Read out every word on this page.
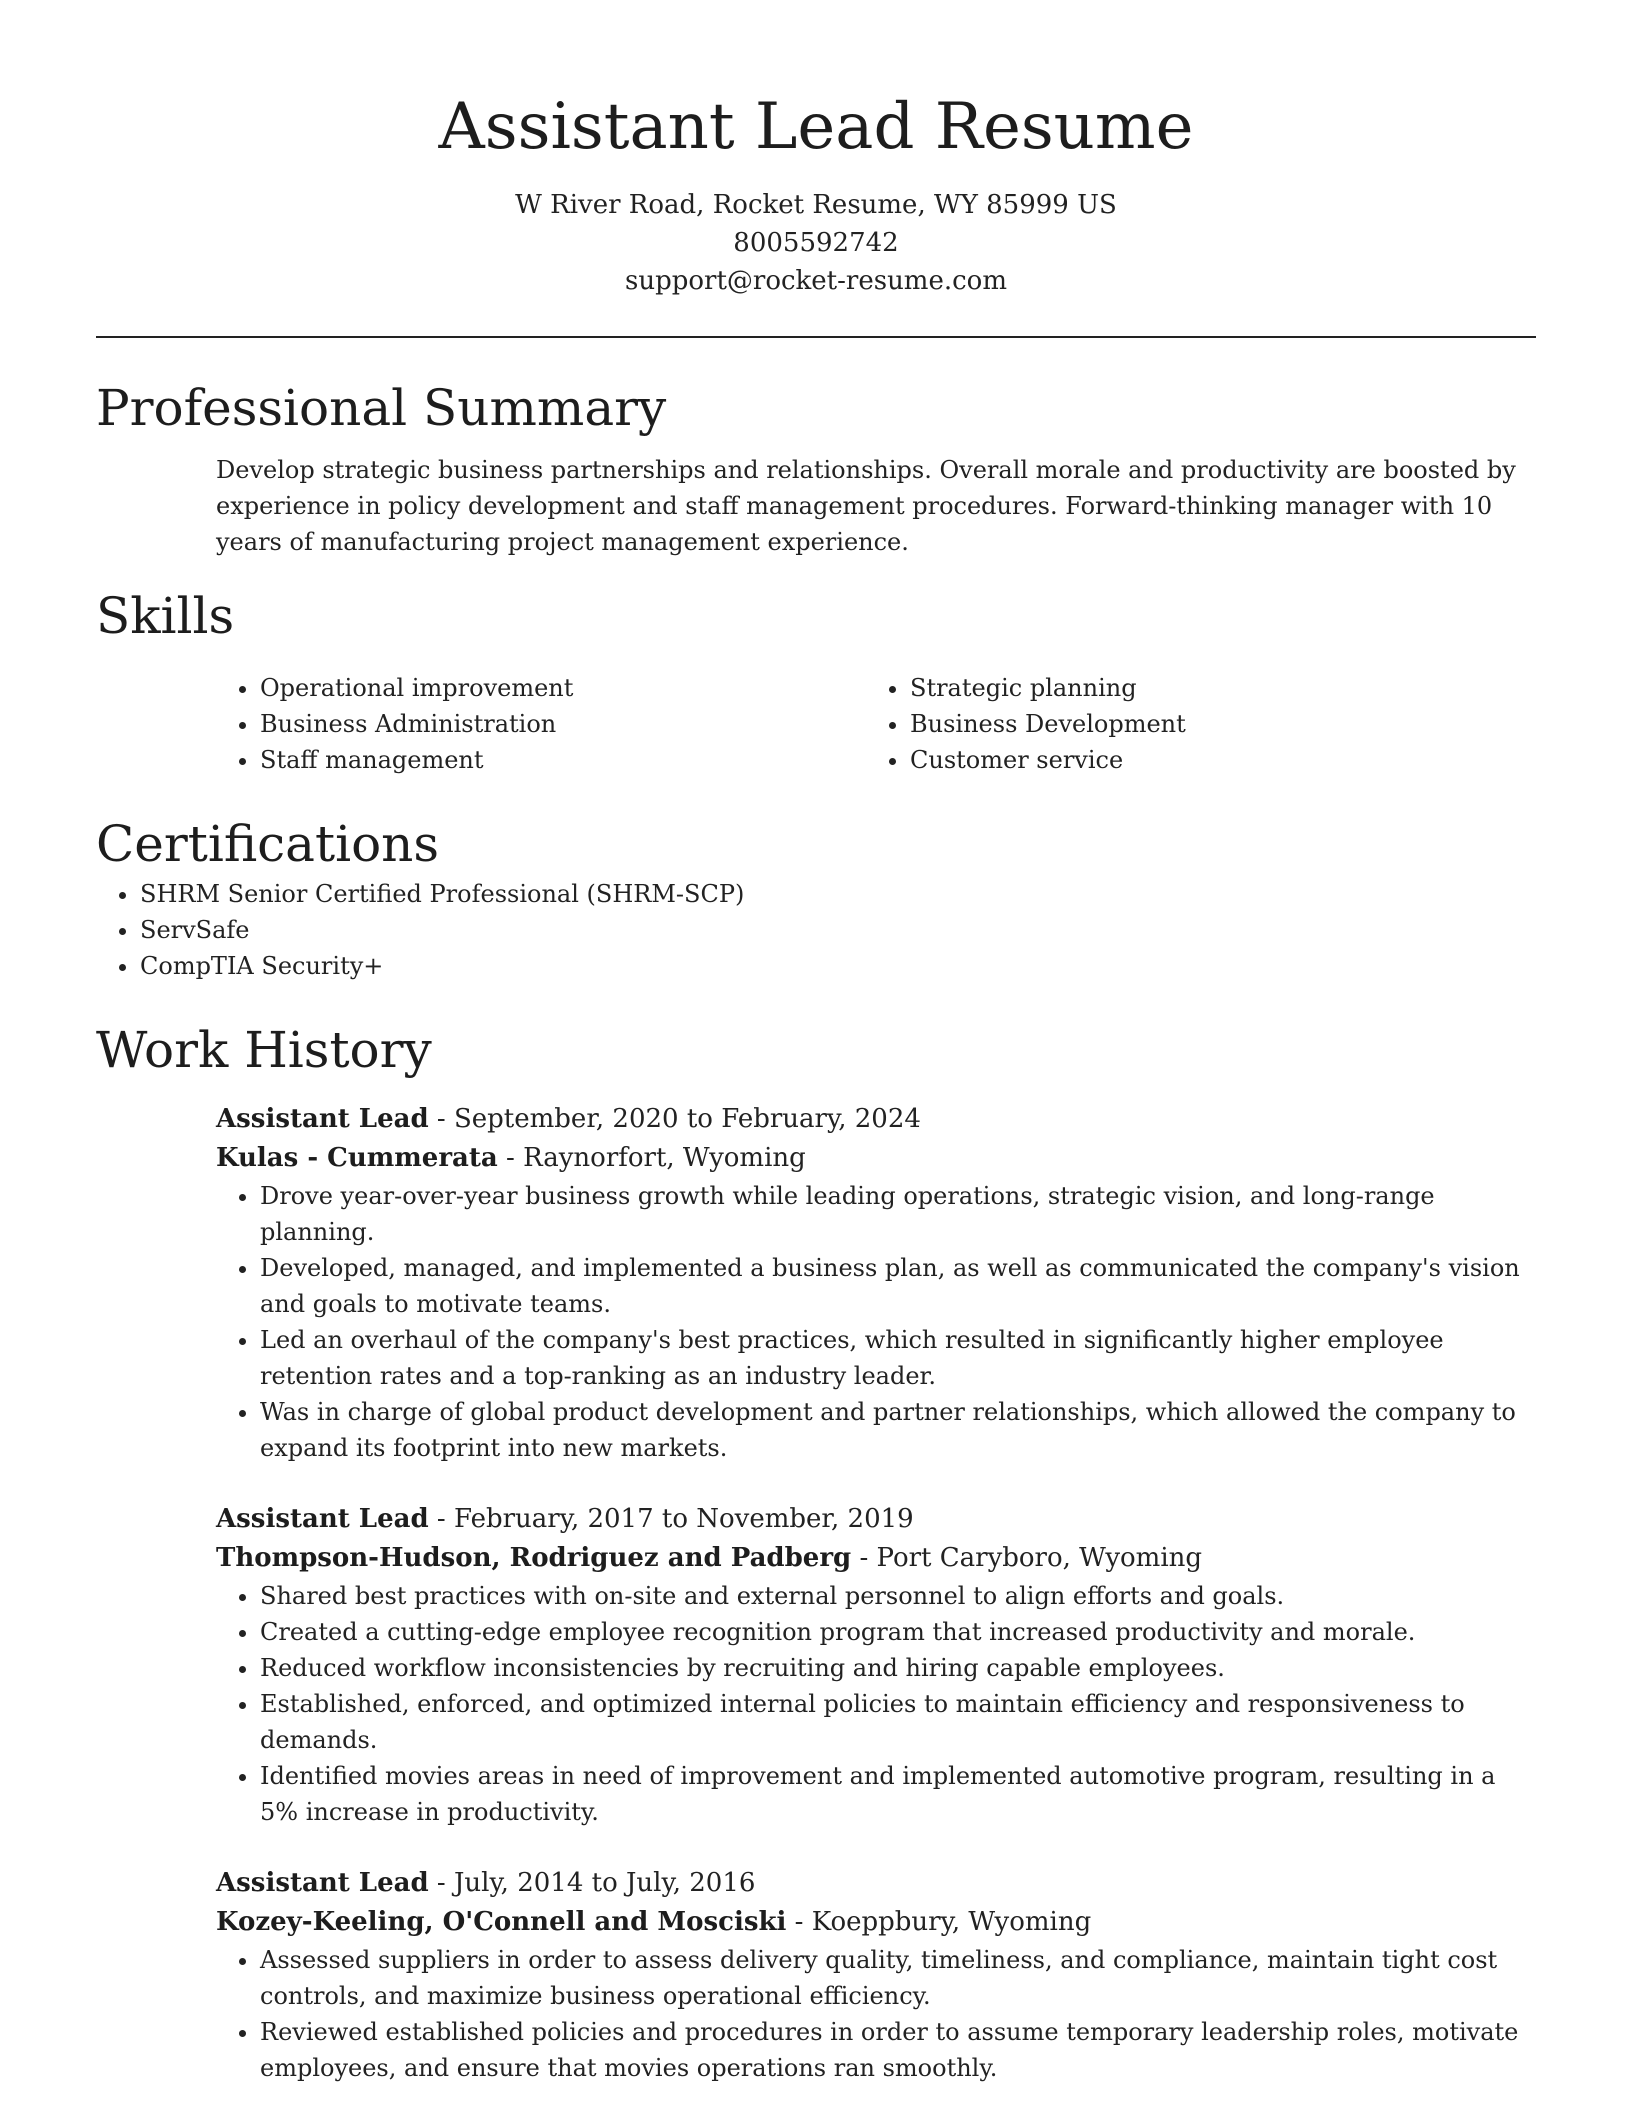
Assistant Lead Resume
W River Road, Rocket Resume, WY 85999 US
8005592742
support@rocket-resume.com
Professional Summary

Develop strategic business partnerships and relationships. Overall morale and productivity are boosted by experience in policy development and staff management procedures. Forward-thinking manager with 10 years of manufacturing project management experience.

Skills
• Operational improvement
• Business Administration
• Staff management
• Strategic planning
• Business Development
• Customer service
Certifications
• SHRM Senior Certified Professional (SHRM-SCP)
• ServSafe
• CompTIA Security+
Work History
Assistant Lead - September, 2020 to February, 2024
Kulas - Cummerata - Raynorfort, Wyoming
• Drove year-over-year business growth while leading operations, strategic vision, and long-range planning.
• Developed, managed, and implemented a business plan, as well as communicated the company's vision and goals to motivate teams.
• Led an overhaul of the company's best practices, which resulted in significantly higher employee retention rates and a top-ranking as an industry leader.
• Was in charge of global product development and partner relationships, which allowed the company to expand its footprint into new markets.
Assistant Lead - February, 2017 to November, 2019
Thompson-Hudson, Rodriguez and Padberg - Port Caryboro, Wyoming
• Shared best practices with on-site and external personnel to align efforts and goals.
• Created a cutting-edge employee recognition program that increased productivity and morale.
• Reduced workflow inconsistencies by recruiting and hiring capable employees.
• Established, enforced, and optimized internal policies to maintain efficiency and responsiveness to demands.
• Identified movies areas in need of improvement and implemented automotive program, resulting in a 5% increase in productivity.
Assistant Lead - July, 2014 to July, 2016
Kozey-Keeling, O'Connell and Mosciski - Koeppbury, Wyoming
• Assessed suppliers in order to assess delivery quality, timeliness, and compliance, maintain tight cost controls, and maximize business operational efficiency.
• Reviewed established policies and procedures in order to assume temporary leadership roles, motivate employees, and ensure that movies operations ran smoothly.
